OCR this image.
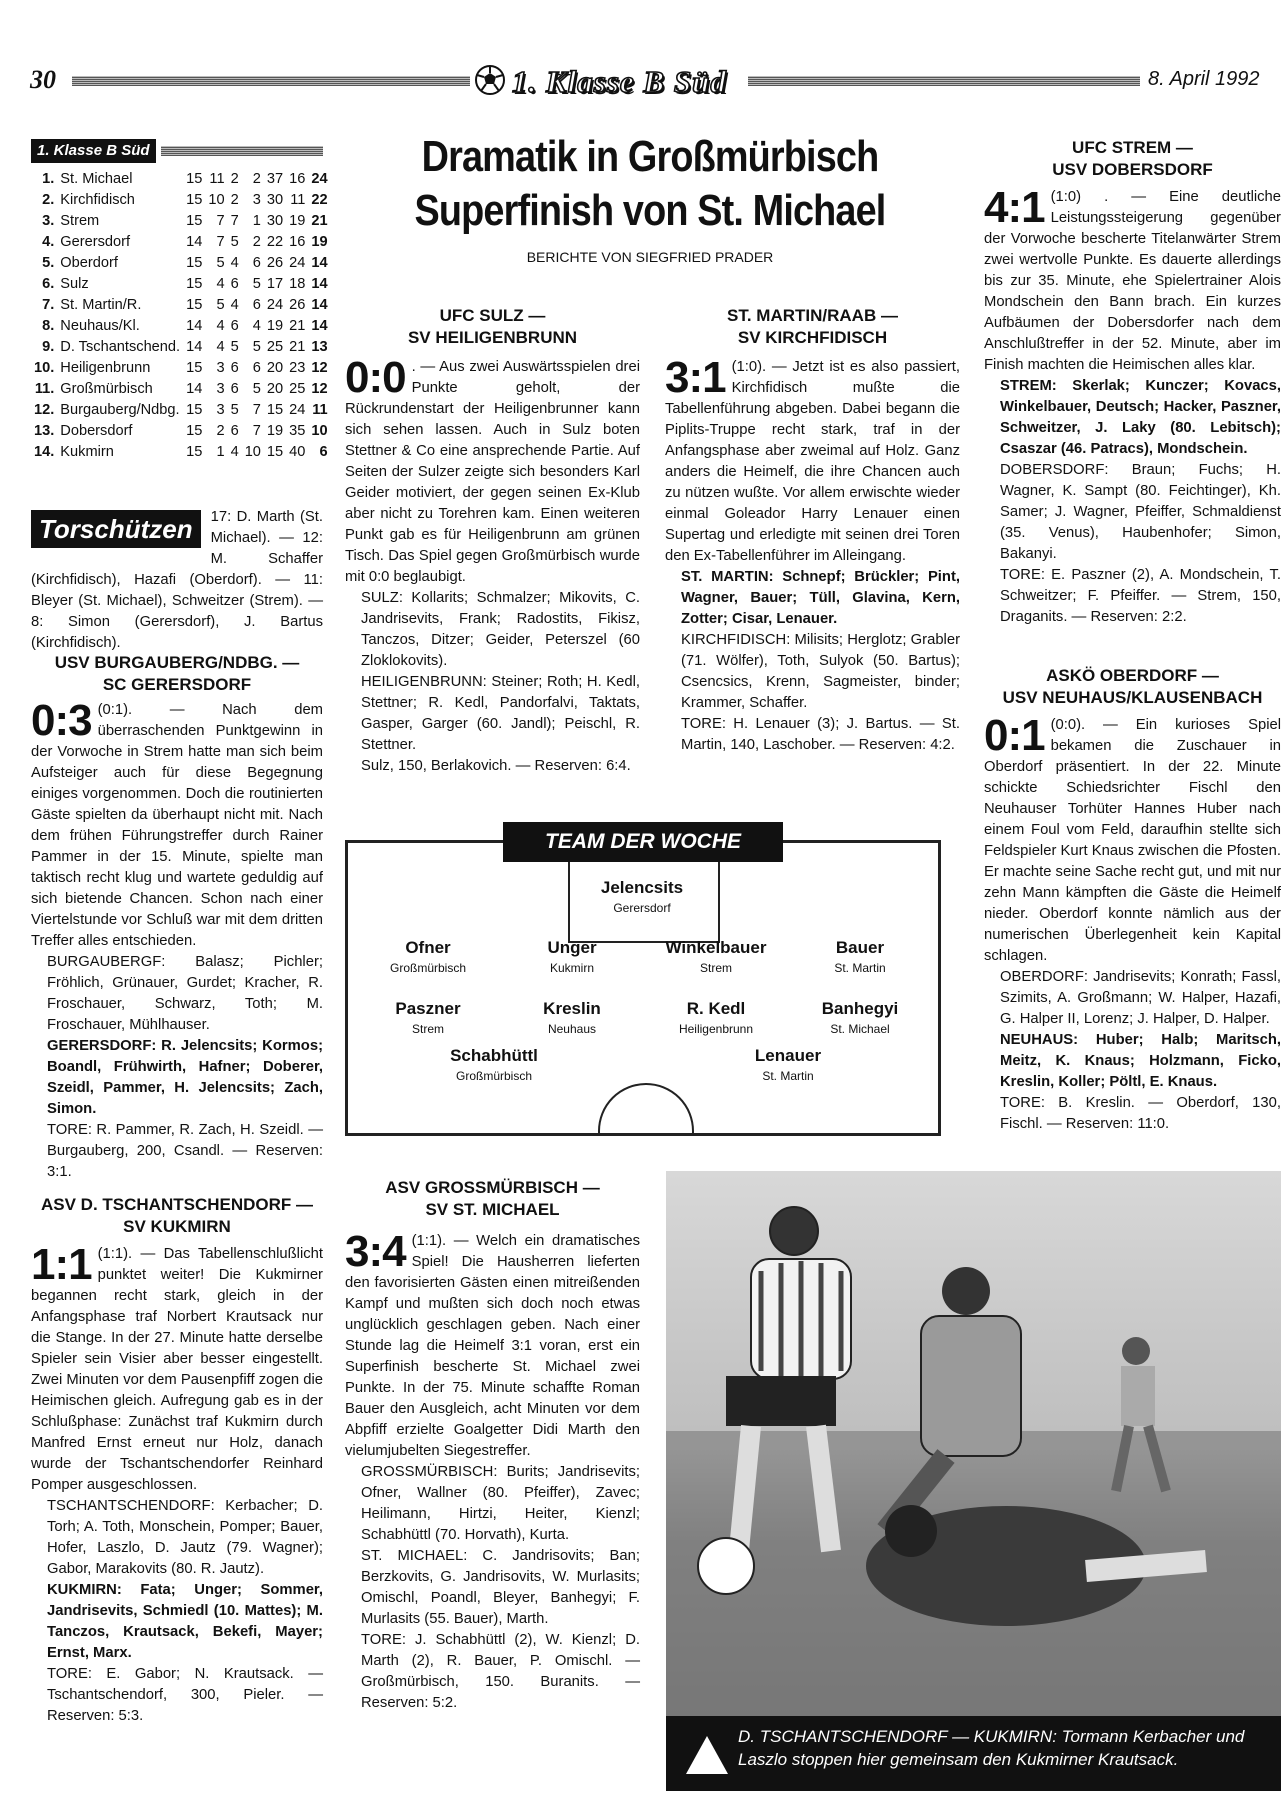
30	1. Klasse B Süd	8. April 1992
1. Klasse B Süd
1.	St. Michael	15	11	2	2	37	16	24
2.	Kirchfidisch	15	10	2	3	30	11	22
3.	Strem	15	7	7	1	30	19	21
4.	Gerersdorf	14	7	5	2	22	16	19
5.	Oberdorf	15	5	4	6	26	24	14
6.	Sulz	15	4	6	5	17	18	14
7.	St. Martin/R.	15	5	4	6	24	26	14
8.	Neuhaus/Kl.	14	4	6	4	19	21	14
9.	D. Tschantschend.	14	4	5	5	25	21	13
10.	Heiligenbrunn	15	3	6	6	20	23	12
11.	Großmürbisch	14	3	6	5	20	25	12
12.	Burgauberg/Ndbg.	15	3	5	7	15	24	11
13.	Dobersdorf	15	2	6	7	19	35	10
14.	Kukmirn	15	1	4	10	15	40	6
Torschützen	17: D. Marth (St. Michael). — 12: M. Schaffer (Kirchfidisch), Hazafi (Oberdorf). — 11: Bleyer (St. Michael), Schweitzer (Strem). — 8: Simon (Gerersdorf), J. Bartus (Kirchfidisch).
USV BURGAUBERG/NDBG. —
SC GERERSDORF
0:3 (0:1). — Nach dem überraschenden Punktgewinn in der Vorwoche in Strem hatte man sich beim Aufsteiger auch für diese Begegnung einiges vorgenommen. Doch die routinierten Gäste spielten da überhaupt nicht mit. Nach dem frühen Führungstreffer durch Rainer Pammer in der 15. Minute, spielte man taktisch recht klug und wartete geduldig auf sich bietende Chancen. Schon nach einer Viertelstunde vor Schluß war mit dem dritten Treffer alles entschieden.
BURGAUBERGF: Balasz; Pichler; Fröhlich, Grünauer, Gurdet; Kracher, R. Froschauer, Schwarz, Toth; M. Froschauer, Mühlhauser.
GERERSDORF: R. Jelencsits; Kormos; Boandl, Frühwirth, Hafner; Doberer, Szeidl, Pammer, H. Jelencsits; Zach, Simon.
TORE: R. Pammer, R. Zach, H. Szeidl. — Burgauberg, 200, Csandl. — Reserven: 3:1.
ASV D. TSCHANTSCHENDORF —
SV KUKMIRN
1:1 (1:1). — Das Tabellenschlußlicht punktet weiter! Die Kukmirner begannen recht stark, gleich in der Anfangsphase traf Norbert Krautsack nur die Stange. In der 27. Minute hatte derselbe Spieler sein Visier aber besser eingestellt. Zwei Minuten vor dem Pausenpfiff zogen die Heimischen gleich. Aufregung gab es in der Schlußphase: Zunächst traf Kukmirn durch Manfred Ernst erneut nur Holz, danach wurde der Tschantschendorfer Reinhard Pomper ausgeschlossen.
TSCHANTSCHENDORF: Kerbacher; D. Torh; A. Toth, Monschein, Pomper; Bauer, Hofer, Laszlo, D. Jautz (79. Wagner); Gabor, Marakovits (80. R. Jautz).
KUKMIRN: Fata; Unger; Sommer, Jandrisevits, Schmiedl (10. Mattes); M. Tanczos, Krautsack, Bekefi, Mayer; Ernst, Marx.
TORE: E. Gabor; N. Krautsack. — Tschantschendorf, 300, Pieler. — Reserven: 5:3.
Dramatik in Großmürbisch
Superfinish von St. Michael
BERICHTE VON SIEGFRIED PRADER
UFC SULZ —
SV HEILIGENBRUNN
0:0 . — Aus zwei Auswärtsspielen drei Punkte geholt, der Rückrundenstart der Heiligenbrunner kann sich sehen lassen. Auch in Sulz boten Stettner & Co eine ansprechende Partie. Auf Seiten der Sulzer zeigte sich besonders Karl Geider motiviert, der gegen seinen Ex-Klub aber nicht zu Torehren kam. Einen weiteren Punkt gab es für Heiligenbrunn am grünen Tisch. Das Spiel gegen Großmürbisch wurde mit 0:0 beglaubigt.
SULZ: Kollarits; Schmalzer; Mikovits, C. Jandrisevits, Frank; Radostits, Fikisz, Tanczos, Ditzer; Geider, Peterszel (60 Zloklokovits).
HEILIGENBRUNN: Steiner; Roth; H. Kedl, Stettner; R. Kedl, Pandorfalvi, Taktats, Gasper, Garger (60. Jandl); Peischl, R. Stettner.
Sulz, 150, Berlakovich. — Reserven: 6:4.
ST. MARTIN/RAAB —
SV KIRCHFIDISCH
3:1 (1:0). — Jetzt ist es also passiert, Kirchfidisch mußte die Tabellenführung abgeben. Dabei begann die Piplits-Truppe recht stark, traf in der Anfangsphase aber zweimal auf Holz. Ganz anders die Heimelf, die ihre Chancen auch zu nützen wußte. Vor allem erwischte wieder einmal Goleador Harry Lenauer einen Supertag und erledigte mit seinen drei Toren den Ex-Tabellenführer im Alleingang.
ST. MARTIN: Schnepf; Brückler; Pint, Wagner, Bauer; Tüll, Glavina, Kern, Zotter; Cisar, Lenauer.
KIRCHFIDISCH: Milisits; Herglotz; Grabler (71. Wölfer), Toth, Sulyok (50. Bartus); Csencsics, Krenn, Sagmeister, binder; Krammer, Schaffer.
TORE: H. Lenauer (3); J. Bartus. — St. Martin, 140, Laschober. — Reserven: 4:2.
TEAM DER WOCHE
Jelencsits
Gerersdorf
Ofner
Großmürbisch
Unger
Kukmirn
Winkelbauer
Strem
Bauer
St. Martin
Paszner
Strem
Kreslin
Neuhaus
R. Kedl
Heiligenbrunn
Banhegyi
St. Michael
Schabhüttl
Großmürbisch
Lenauer
St. Martin
ASV GROSSMÜRBISCH —
SV ST. MICHAEL
3:4 (1:1). — Welch ein dramatisches Spiel! Die Hausherren lieferten den favorisierten Gästen einen mitreißenden Kampf und mußten sich doch noch etwas unglücklich geschlagen geben. Nach einer Stunde lag die Heimelf 3:1 voran, erst ein Superfinish bescherte St. Michael zwei Punkte. In der 75. Minute schaffte Roman Bauer den Ausgleich, acht Minuten vor dem Abpfiff erzielte Goalgetter Didi Marth den vielumjubelten Siegestreffer.
GROSSMÜRBISCH: Burits; Jandrisevits; Ofner, Wallner (80. Pfeiffer), Zavec; Heilimann, Hirtzi, Heiter, Kienzl; Schabhüttl (70. Horvath), Kurta.
ST. MICHAEL: C. Jandrisovits; Ban; Berzkovits, G. Jandrisovits, W. Murlasits; Omischl, Poandl, Bleyer, Banhegyi; F. Murlasits (55. Bauer), Marth.
TORE: J. Schabhüttl (2), W. Kienzl; D. Marth (2), R. Bauer, P. Omischl. — Großmürbisch, 150. Buranits. — Reserven: 5:2.
D. TSCHANTSCHENDORF — KUKMIRN: Tormann Kerbacher und Laszlo stoppen hier gemeinsam den Kukmirner Krautsack.
UFC STREM —
USV DOBERSDORF
4:1 (1:0) . — Eine deutliche Leistungssteigerung gegenüber der Vorwoche bescherte Titelanwärter Strem zwei wertvolle Punkte. Es dauerte allerdings bis zur 35. Minute, ehe Spielertrainer Alois Mondschein den Bann brach. Ein kurzes Aufbäumen der Dobersdorfer nach dem Anschlußtreffer in der 52. Minute, aber im Finish machten die Heimischen alles klar.
STREM: Skerlak; Kunczer; Kovacs, Winkelbauer, Deutsch; Hacker, Paszner, Schweitzer, J. Laky (80. Lebitsch); Csaszar (46. Patracs), Mondschein.
DOBERSDORF: Braun; Fuchs; H. Wagner, K. Sampt (80. Feichtinger), Kh. Samer; J. Wagner, Pfeiffer, Schmaldienst (35. Venus), Haubenhofer; Simon, Bakanyi.
TORE: E. Paszner (2), A. Mondschein, T. Schweitzer; F. Pfeiffer. — Strem, 150, Draganits. — Reserven: 2:2.
ASKÖ OBERDORF —
USV NEUHAUS/KLAUSENBACH
0:1 (0:0). — Ein kurioses Spiel bekamen die Zuschauer in Oberdorf präsentiert. In der 22. Minute schickte Schiedsrichter Fischl den Neuhauser Torhüter Hannes Huber nach einem Foul vom Feld, daraufhin stellte sich Feldspieler Kurt Knaus zwischen die Pfosten. Er machte seine Sache recht gut, und mit nur zehn Mann kämpften die Gäste die Heimelf nieder. Oberdorf konnte nämlich aus der numerischen Überlegenheit kein Kapital schlagen.
OBERDORF: Jandrisevits; Konrath; Fassl, Szimits, A. Großmann; W. Halper, Hazafi, G. Halper II, Lorenz; J. Halper, D. Halper.
NEUHAUS: Huber; Halb; Maritsch, Meitz, K. Knaus; Holzmann, Ficko, Kreslin, Koller; Pöltl, E. Knaus.
TORE: B. Kreslin. — Oberdorf, 130, Fischl. — Reserven: 11:0.
